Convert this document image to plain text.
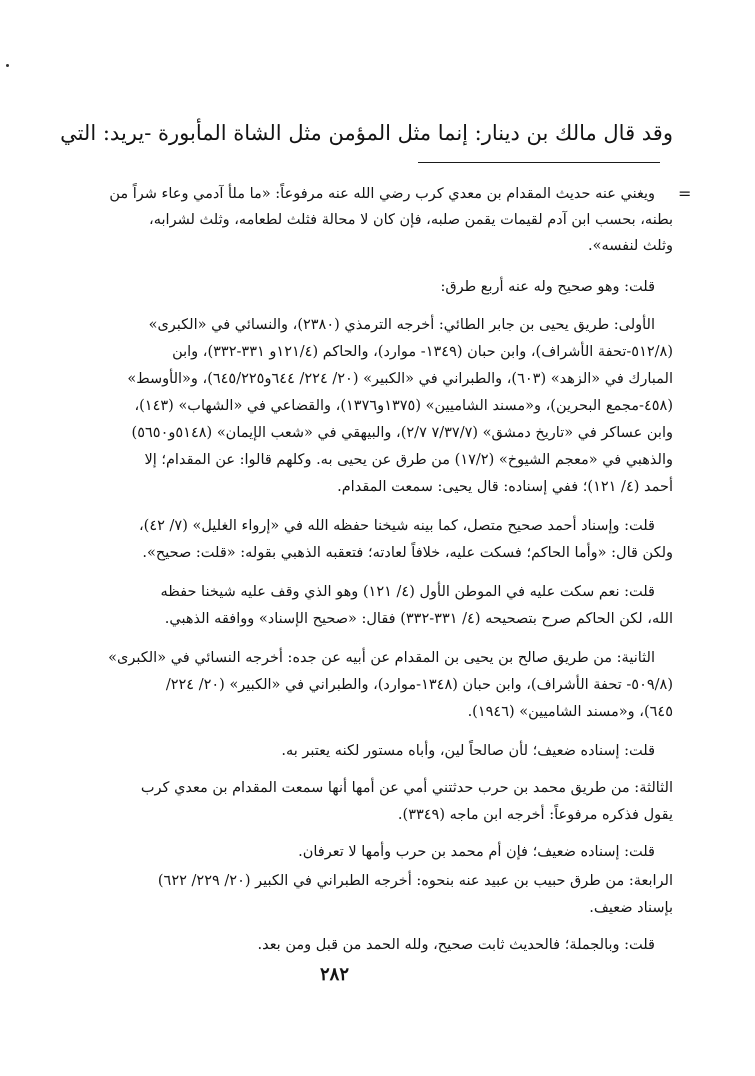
وقد قال مالك بن دينار: إنما مثل المؤمن مثل الشاة المأبورة -يريد: التي
=
ويغني عنه حديث المقدام بن معدي كرب رضي الله عنه مرفوعاً: «ما ملأ آدمي وعاء شراً من
بطنه، بحسب ابن آدم لقيمات يقمن صلبه، فإن كان لا محالة فثلث لطعامه، وثلث لشرابه،
وثلث لنفسه».
قلت: وهو صحيح وله عنه أربع طرق:
الأولى: طريق يحيى بن جابر الطائي: أخرجه الترمذي (٢٣٨٠)، والنسائي في «الكبرى»
(٥١٢/٨-تحفة الأشراف)، وابن حبان (١٣٤٩- موارد)، والحاكم (١٢١/٤و ٣٣١-٣٣٢)، وابن
المبارك في «الزهد» (٦٠٣)، والطبراني في «الكبير» (٢٠/ ٢٢٤/ ٦٤٤و٦٤٥/٢٢٥)، و«الأوسط»
(٤٥٨-مجمع البحرين)، و«مسند الشاميين» (١٣٧٥و١٣٧٦)، والقضاعي في «الشهاب» (١٤٣)،
وابن عساكر في «تاريخ دمشق» (٧/٣٧/٧ ٢/٧)، والبيهقي في «شعب الإيمان» (٥١٤٨و٥٦٥٠)
والذهبي في «معجم الشيوخ» (١٧/٢) من طرق عن يحيى به. وكلهم قالوا: عن المقدام؛ إلا
أحمد (٤/ ١٢١)؛ ففي إسناده: قال يحيى: سمعت المقدام.
قلت: وإسناد أحمد صحيح متصل، كما بينه شيخنا حفظه الله في «إرواء الغليل» (٧/ ٤٢)،
ولكن قال: «وأما الحاكم؛ فسكت عليه، خلافاً لعادته؛ فتعقبه الذهبي بقوله: «قلت: صحيح».
قلت: نعم سكت عليه في الموطن الأول (٤/ ١٢١) وهو الذي وقف عليه شيخنا حفظه
الله، لكن الحاكم صرح بتصحيحه (٤/ ٣٣١-٣٣٢) فقال: «صحيح الإسناد» ووافقه الذهبي.
الثانية: من طريق صالح بن يحيى بن المقدام عن أبيه عن جده: أخرجه النسائي في «الكبرى»
(٥٠٩/٨- تحفة الأشراف)، وابن حبان (١٣٤٨-موارد)، والطبراني في «الكبير» (٢٠/ ٢٢٤/
٦٤٥)، و«مسند الشاميين» (١٩٤٦).
قلت: إسناده ضعيف؛ لأن صالحاً لين، وأباه مستور لكنه يعتبر به.
الثالثة: من طريق محمد بن حرب حدثتني أمي عن أمها أنها سمعت المقدام بن معدي كرب
يقول فذكره مرفوعاً: أخرجه ابن ماجه (٣٣٤٩).
قلت: إسناده ضعيف؛ فإن أم محمد بن حرب وأمها لا تعرفان.
الرابعة: من طرق حبيب بن عبيد عنه بنحوه: أخرجه الطبراني في الكبير (٢٠/ ٢٢٩/ ٦٢٢)
بإسناد ضعيف.
قلت: وبالجملة؛ فالحديث ثابت صحيح، ولله الحمد من قبل ومن بعد.
٢٨٢
